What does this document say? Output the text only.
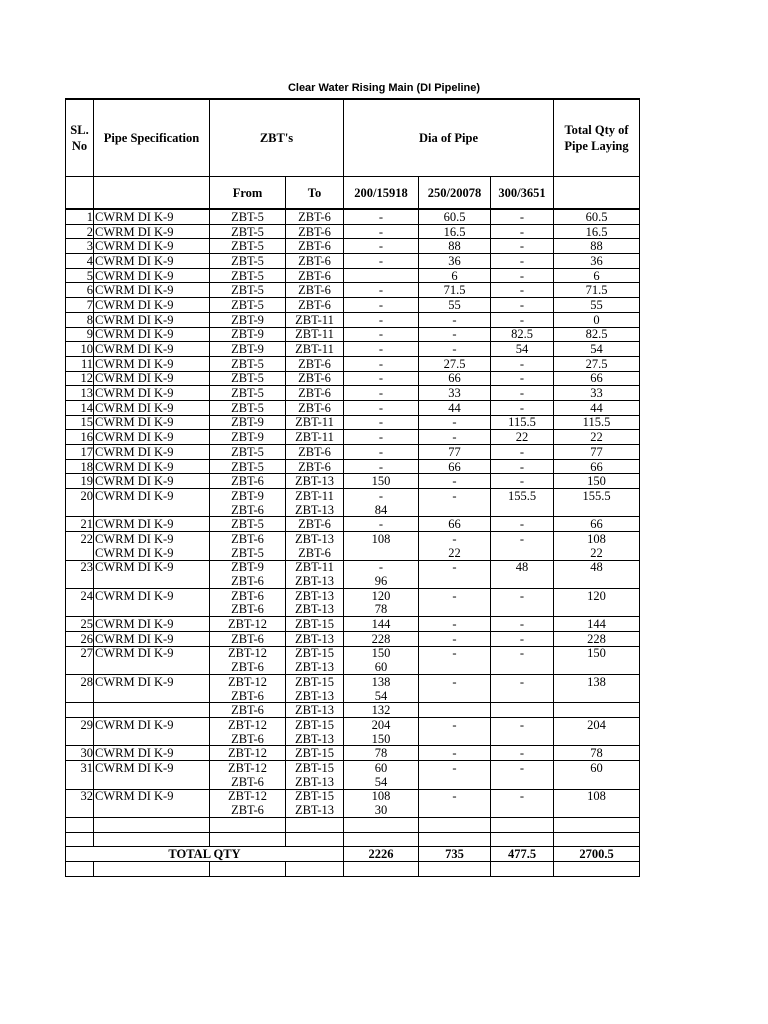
Clear Water Rising Main (DI Pipeline)
SL. No	Pipe Specification	ZBT's		Dia of Pipe			Total Qty of Pipe Laying
		From	To	200/15918	250/20078	300/3651	
1	CWRM DI K-9	ZBT-5	ZBT-6	-	60.5	-	60.5
2	CWRM DI K-9	ZBT-5	ZBT-6	-	16.5	-	16.5
3	CWRM DI K-9	ZBT-5	ZBT-6	-	88	-	88
4	CWRM DI K-9	ZBT-5	ZBT-6	-	36	-	36
5	CWRM DI K-9	ZBT-5	ZBT-6		6	-	6
6	CWRM DI K-9	ZBT-5	ZBT-6	-	71.5	-	71.5
7	CWRM DI K-9	ZBT-5	ZBT-6	-	55	-	55
8	CWRM DI K-9	ZBT-9	ZBT-11	-	-	-	0
9	CWRM DI K-9	ZBT-9	ZBT-11	-	-	82.5	82.5
10	CWRM DI K-9	ZBT-9	ZBT-11	-	-	54	54
11	CWRM DI K-9	ZBT-5	ZBT-6	-	27.5	-	27.5
12	CWRM DI K-9	ZBT-5	ZBT-6	-	66	-	66
13	CWRM DI K-9	ZBT-5	ZBT-6	-	33	-	33
14	CWRM DI K-9	ZBT-5	ZBT-6	-	44	-	44
15	CWRM DI K-9	ZBT-9	ZBT-11	-	-	115.5	115.5
16	CWRM DI K-9	ZBT-9	ZBT-11	-	-	22	22
17	CWRM DI K-9	ZBT-5	ZBT-6	-	77	-	77
18	CWRM DI K-9	ZBT-5	ZBT-6	-	66	-	66
19	CWRM DI K-9	ZBT-6	ZBT-13	150	-	-	150
20	CWRM DI K-9	ZBT-9	ZBT-11	-	-	155.5	155.5
		ZBT-6	ZBT-13	84			
21	CWRM DI K-9	ZBT-5	ZBT-6	-	66	-	66
22	CWRM DI K-9	ZBT-6	ZBT-13	108	-	-	108
	CWRM DI K-9	ZBT-5	ZBT-6		22		22
23	CWRM DI K-9	ZBT-9	ZBT-11	-	-	48	48
		ZBT-6	ZBT-13	96			
24	CWRM DI K-9	ZBT-6	ZBT-13	120	-	-	120
		ZBT-6	ZBT-13	78			
25	CWRM DI K-9	ZBT-12	ZBT-15	144	-	-	144
26	CWRM DI K-9	ZBT-6	ZBT-13	228	-	-	228
27	CWRM DI K-9	ZBT-12	ZBT-15	150	-	-	150
		ZBT-6	ZBT-13	60			
28	CWRM DI K-9	ZBT-12	ZBT-15	138	-	-	138
		ZBT-6	ZBT-13	54			
		ZBT-6	ZBT-13	132			
29	CWRM DI K-9	ZBT-12	ZBT-15	204	-	-	204
		ZBT-6	ZBT-13	150			
30	CWRM DI K-9	ZBT-12	ZBT-15	78	-	-	78
31	CWRM DI K-9	ZBT-12	ZBT-15	60	-	-	60
		ZBT-6	ZBT-13	54			
32	CWRM DI K-9	ZBT-12	ZBT-15	108	-	-	108
		ZBT-6	ZBT-13	30			

TOTAL QTY				2226	735	477.5	2700.5
